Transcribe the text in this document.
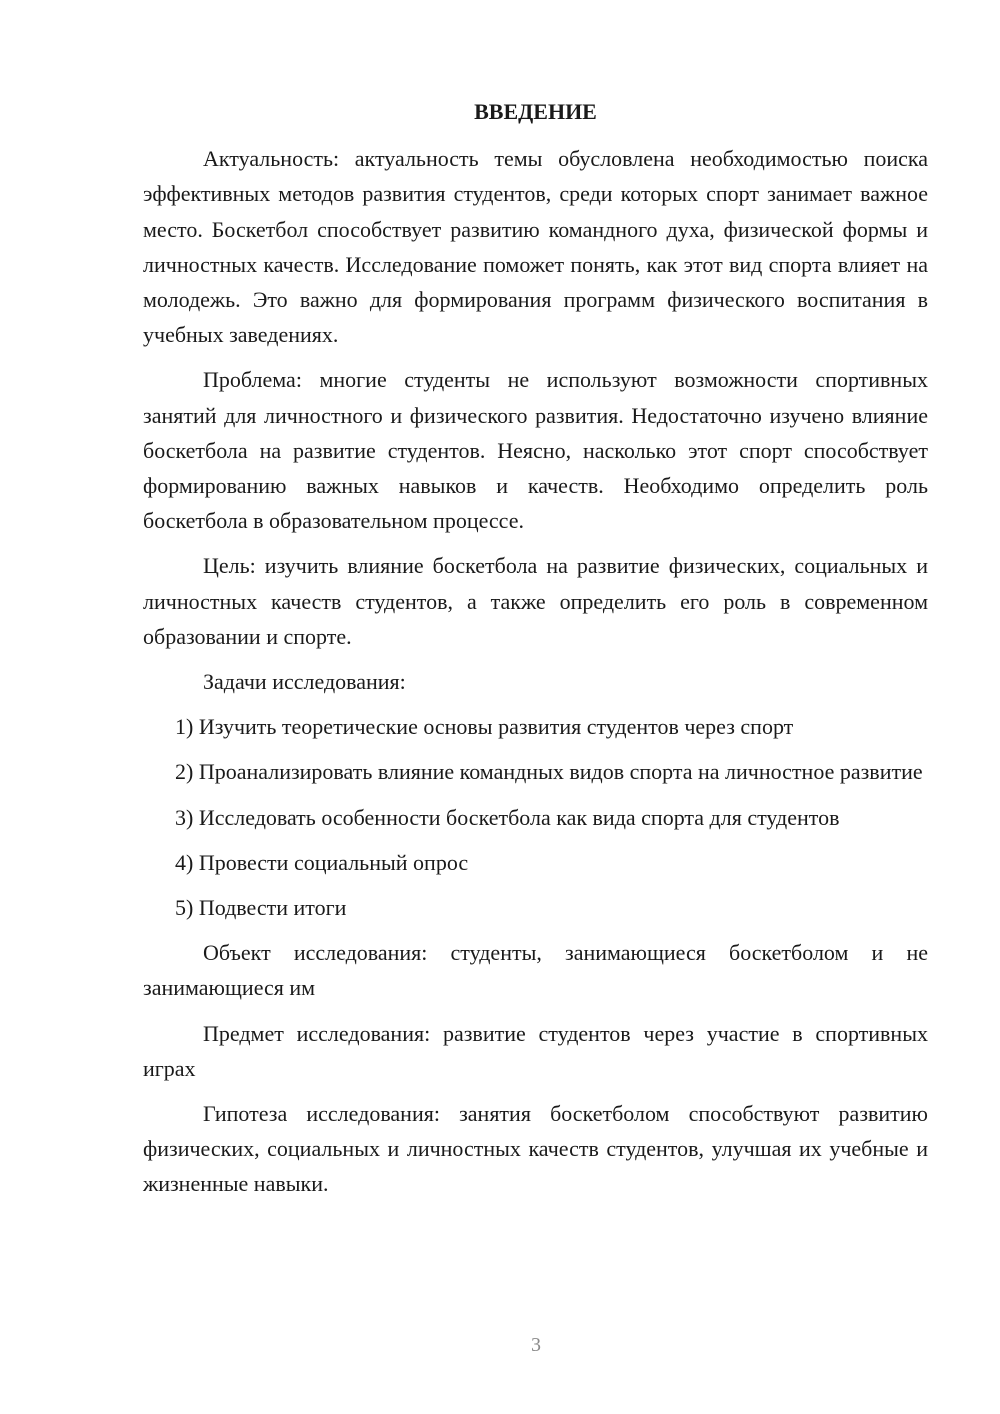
ВВЕДЕНИЕ

Актуальность: актуальность темы обусловлена необходимостью поиска эффективных методов развития студентов, среди которых спорт занимает важное место. Боскетбол способствует развитию командного духа, физической формы и личностных качеств. Исследование поможет понять, как этот вид спорта влияет на молодежь. Это важно для формирования программ физического воспитания в учебных заведениях.

Проблема: многие студенты не используют возможности спортивных занятий для личностного и физического развития. Недостаточно изучено влияние боскетбола на развитие студентов. Неясно, насколько этот спорт способствует формированию важных навыков и качеств. Необходимо определить роль боскетбола в образовательном процессе.

Цель: изучить влияние боскетбола на развитие физических, социальных и личностных качеств студентов, а также определить его роль в современном образовании и спорте.

Задачи исследования:

1) Изучить теоретические основы развития студентов через спорт

2) Проанализировать влияние командных видов спорта на личностное развитие

3) Исследовать особенности боскетбола как вида спорта для студентов

4) Провести социальный опрос

5) Подвести итоги

Объект исследования: студенты, занимающиеся боскетболом и не занимающиеся им

Предмет исследования: развитие студентов через участие в спортивных играх

Гипотеза исследования: занятия боскетболом способствуют развитию физических, социальных и личностных качеств студентов, улучшая их учебные и жизненные навыки.

3
